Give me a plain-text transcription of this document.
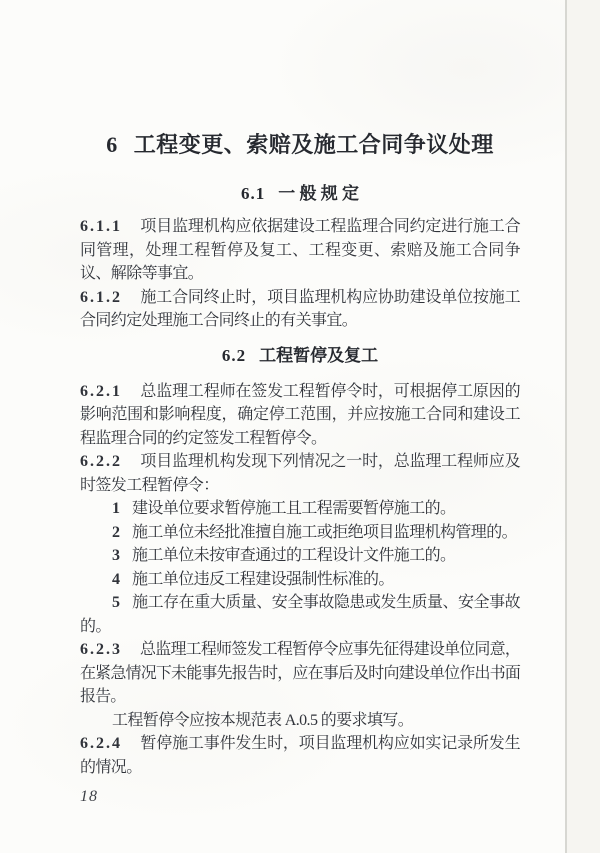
6 工程变更、索赔及施工合同争议处理
6.1 一 般 规 定

6.1.1 项目监理机构应依据建设工程监理合同约定进行施工合同管理，处理工程暂停及复工、工程变更、索赔及施工合同争议、解除等事宜。

6.1.2 施工合同终止时，项目监理机构应协助建设单位按施工合同约定处理施工合同终止的有关事宜。

6.2 工程暂停及复工

6.2.1 总监理工程师在签发工程暂停令时，可根据停工原因的影响范围和影响程度，确定停工范围，并应按施工合同和建设工程监理合同的约定签发工程暂停令。

6.2.2 项目监理机构发现下列情况之一时，总监理工程师应及时签发工程暂停令：

1 建设单位要求暂停施工且工程需要暂停施工的。

2 施工单位未经批准擅自施工或拒绝项目监理机构管理的。

3 施工单位未按审查通过的工程设计文件施工的。

4 施工单位违反工程建设强制性标准的。

5 施工存在重大质量、安全事故隐患或发生质量、安全事故的。

6.2.3 总监理工程师签发工程暂停令应事先征得建设单位同意，在紧急情况下未能事先报告时，应在事后及时向建设单位作出书面报告。

工程暂停令应按本规范表 A.0.5 的要求填写。

6.2.4 暂停施工事件发生时，项目监理机构应如实记录所发生的情况。

18
